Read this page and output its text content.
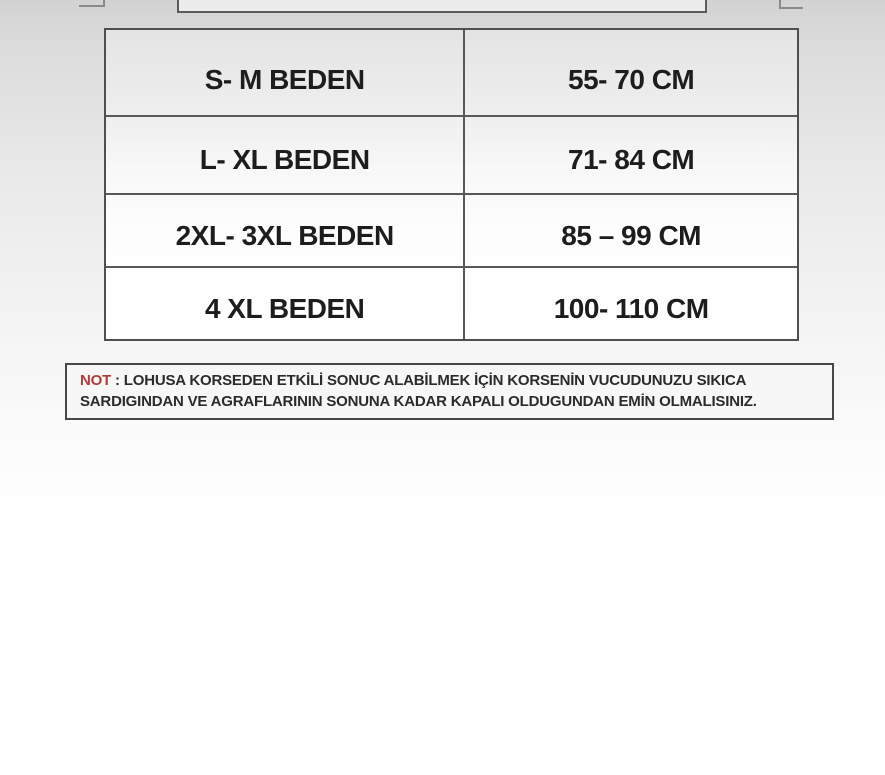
S- M BEDEN	55- 70 CM
L- XL BEDEN	71- 84 CM
2XL- 3XL BEDEN	85 – 99 CM
4 XL BEDEN	100- 110 CM
NOT : LOHUSA KORSEDEN ETKİLİ SONUC ALABİLMEK İÇİN KORSENİN VUCUDUNUZU SIKICA
SARDIGINDAN VE AGRAFLARININ SONUNA KADAR KAPALI OLDUGUNDAN EMİN OLMALISINIZ.
